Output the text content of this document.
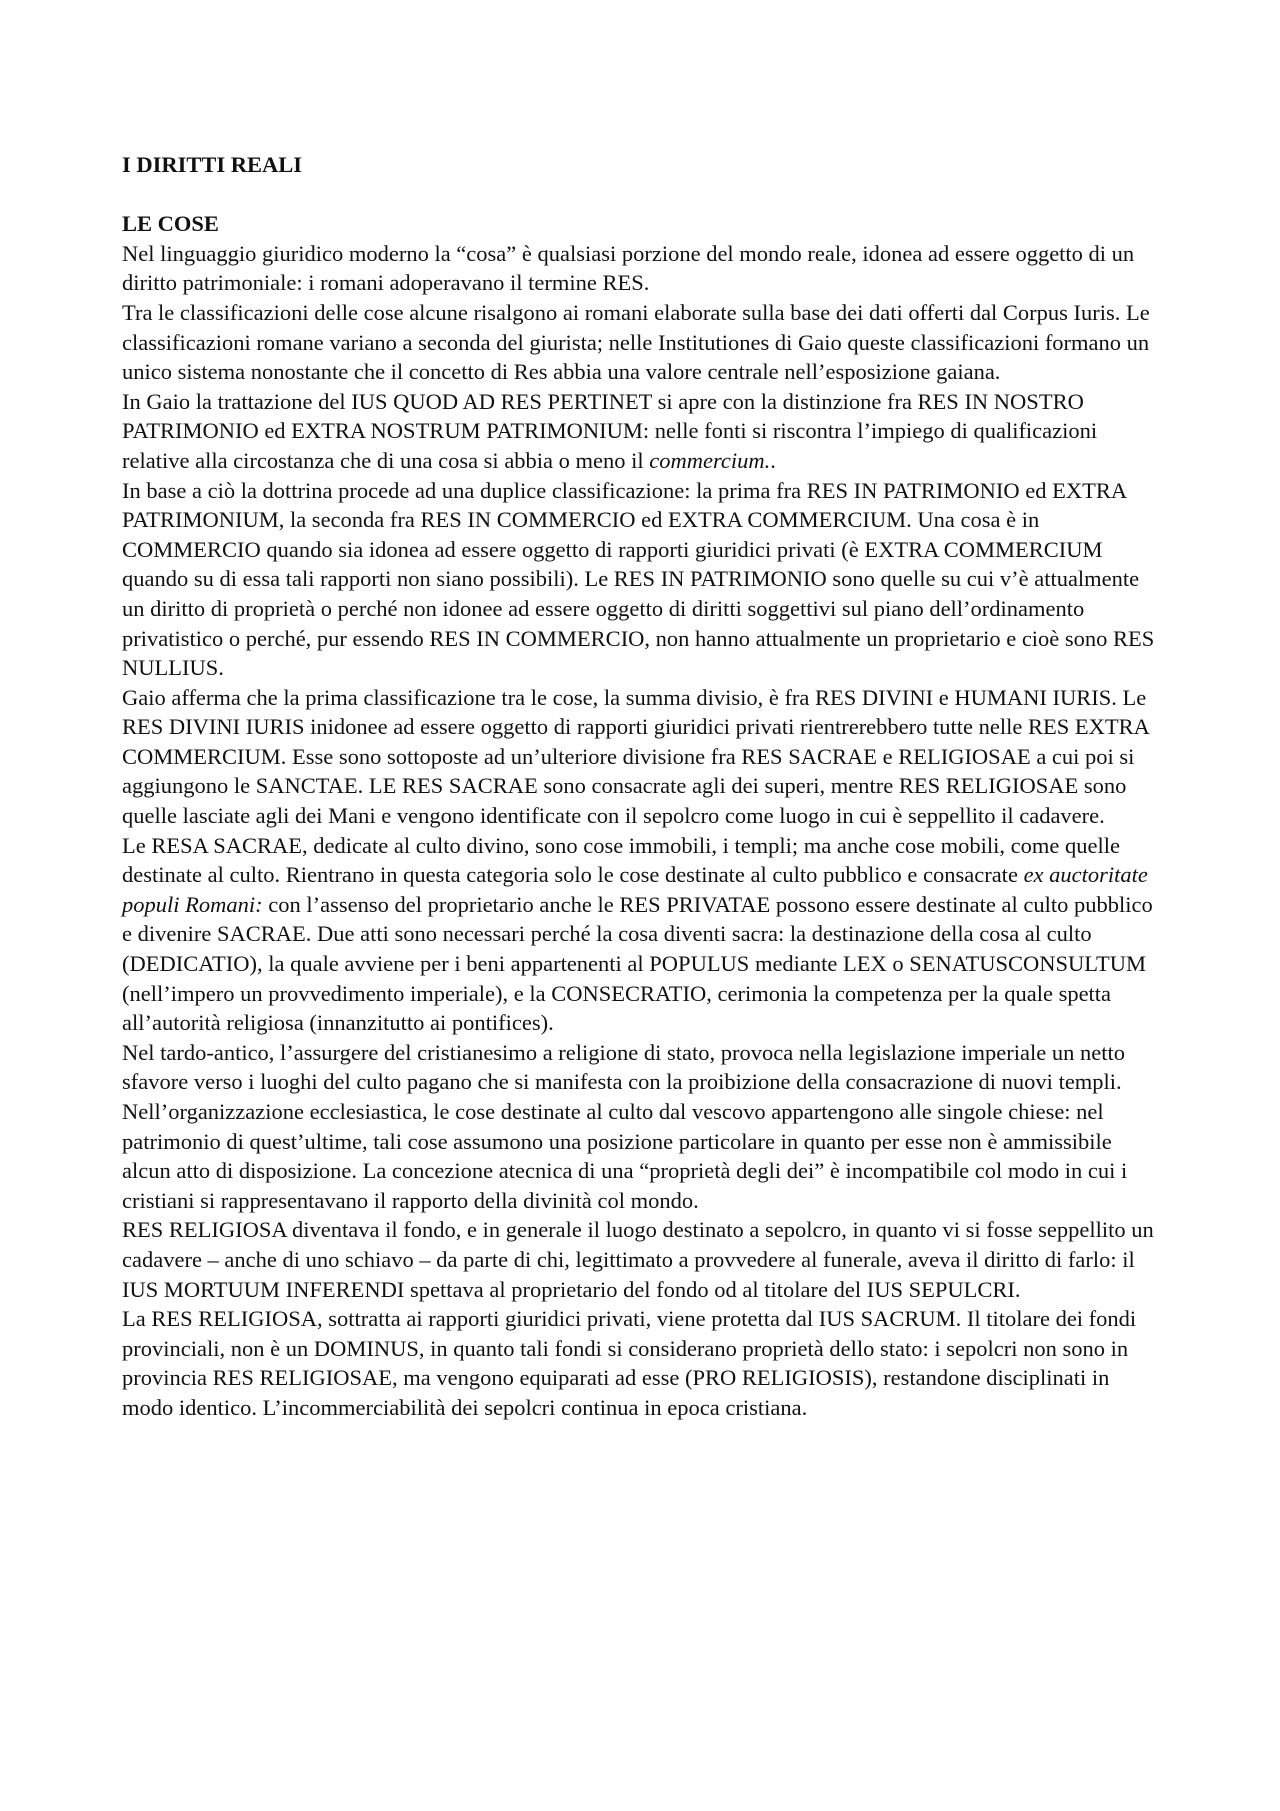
I DIRITTI REALI

LE COSE

Nel linguaggio giuridico moderno la “cosa” è qualsiasi porzione del mondo reale, idonea ad essere oggetto di un diritto patrimoniale: i romani adoperavano il termine RES.

Tra le classificazioni delle cose alcune risalgono ai romani elaborate sulla base dei dati offerti dal Corpus Iuris. Le classificazioni romane variano a seconda del giurista; nelle Institutiones di Gaio queste classificazioni formano un unico sistema nonostante che il concetto di Res abbia una valore centrale nell’esposizione gaiana.

In Gaio la trattazione del IUS QUOD AD RES PERTINET si apre con la distinzione fra RES IN NOSTRO PATRIMONIO ed EXTRA NOSTRUM PATRIMONIUM: nelle fonti si riscontra l’impiego di qualificazioni relative alla circostanza che di una cosa si abbia o meno il commercium..

In base a ciò la dottrina procede ad una duplice classificazione: la prima fra RES IN PATRIMONIO ed EXTRA PATRIMONIUM, la seconda fra RES IN COMMERCIO ed EXTRA COMMERCIUM. Una cosa è in COMMERCIO quando sia idonea ad essere oggetto di rapporti giuridici privati (è EXTRA COMMERCIUM quando su di essa tali rapporti non siano possibili). Le RES IN PATRIMONIO sono quelle su cui v’è attualmente un diritto di proprietà o perché non idonee ad essere oggetto di diritti soggettivi sul piano dell’ordinamento privatistico o perché, pur essendo RES IN COMMERCIO, non hanno attualmente un proprietario e cioè sono RES NULLIUS.

Gaio afferma che la prima classificazione tra le cose, la summa divisio, è fra RES DIVINI e HUMANI IURIS. Le RES DIVINI IURIS inidonee ad essere oggetto di rapporti giuridici privati rientrerebbero tutte nelle RES EXTRA COMMERCIUM. Esse sono sottoposte ad un’ulteriore divisione fra RES SACRAE e RELIGIOSAE a cui poi si aggiungono le SANCTAE. LE RES SACRAE sono consacrate agli dei superi, mentre RES RELIGIOSAE sono quelle lasciate agli dei Mani e vengono identificate con il sepolcro come luogo in cui è seppellito il cadavere.

Le RESA SACRAE, dedicate al culto divino, sono cose immobili, i templi; ma anche cose mobili, come quelle destinate al culto. Rientrano in questa categoria solo le cose destinate al culto pubblico e consacrate ex auctoritate populi Romani: con l’assenso del proprietario anche le RES PRIVATAE possono essere destinate al culto pubblico e divenire SACRAE. Due atti sono necessari perché la cosa diventi sacra: la destinazione della cosa al culto (DEDICATIO), la quale avviene per i beni appartenenti al POPULUS mediante LEX o SENATUSCONSULTUM (nell’impero un provvedimento imperiale), e la CONSECRATIO, cerimonia la competenza per la quale spetta all’autorità religiosa (innanzitutto ai pontifices).

Nel tardo-antico, l’assurgere del cristianesimo a religione di stato, provoca nella legislazione imperiale un netto sfavore verso i luoghi del culto pagano che si manifesta con la proibizione della consacrazione di nuovi templi. Nell’organizzazione ecclesiastica, le cose destinate al culto dal vescovo appartengono alle singole chiese: nel patrimonio di quest’ultime, tali cose assumono una posizione particolare in quanto per esse non è ammissibile alcun atto di disposizione. La concezione atecnica di una “proprietà degli dei” è incompatibile col modo in cui i cristiani si rappresentavano il rapporto della divinità col mondo.

RES RELIGIOSA diventava il fondo, e in generale il luogo destinato a sepolcro, in quanto vi si fosse seppellito un cadavere – anche di uno schiavo – da parte di chi, legittimato a provvedere al funerale, aveva il diritto di farlo: il IUS MORTUUM INFERENDI spettava al proprietario del fondo od al titolare del IUS SEPULCRI.

La RES RELIGIOSA, sottratta ai rapporti giuridici privati, viene protetta dal IUS SACRUM. Il titolare dei fondi provinciali, non è un DOMINUS, in quanto tali fondi si considerano proprietà dello stato: i sepolcri non sono in provincia RES RELIGIOSAE, ma vengono equiparati ad esse (PRO RELIGIOSIS), restandone disciplinati in modo identico. L’incommerciabilità dei sepolcri continua in epoca cristiana.
